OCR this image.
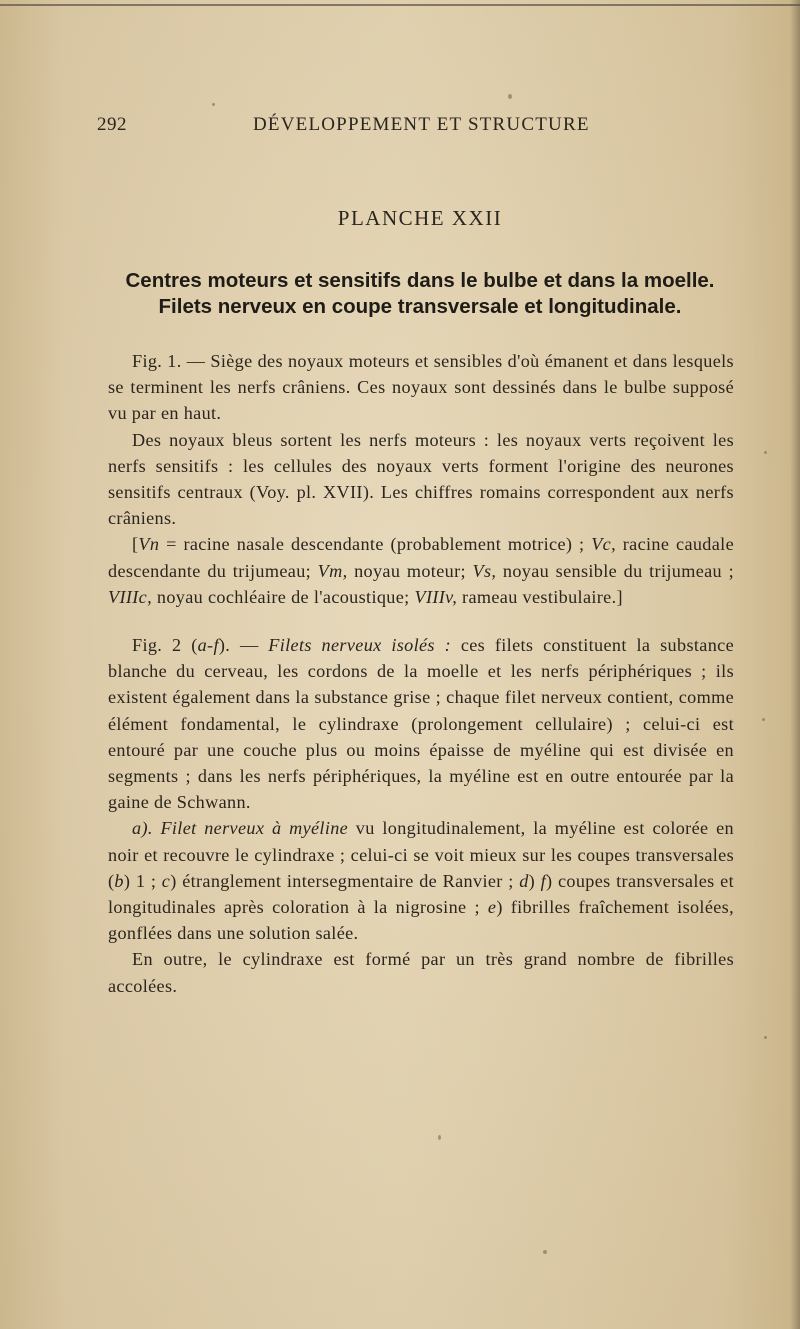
292	DÉVELOPPEMENT ET STRUCTURE
PLANCHE XXII
Centres moteurs et sensitifs dans le bulbe et dans la moelle.
Filets nerveux en coupe transversale et longitudinale.

Fig. 1. — Siège des noyaux moteurs et sensibles d'où émanent et dans lesquels se terminent les nerfs crâniens. Ces noyaux sont dessinés dans le bulbe supposé vu par en haut.

Des noyaux bleus sortent les nerfs moteurs : les noyaux verts reçoivent les nerfs sensitifs : les cellules des noyaux verts forment l'origine des neurones sensitifs centraux (Voy. pl. XVII). Les chiffres romains correspondent aux nerfs crâniens.

[Vn = racine nasale descendante (probablement motrice) ; Vc, racine caudale descendante du trijumeau; Vm, noyau moteur; Vs, noyau sensible du trijumeau ; VIIIc, noyau cochléaire de l'acoustique; VIIIv, rameau vestibulaire.]

Fig. 2 (a-f). — Filets nerveux isolés : ces filets constituent la substance blanche du cerveau, les cordons de la moelle et les nerfs périphériques ; ils existent également dans la substance grise ; chaque filet nerveux contient, comme élément fondamental, le cylindraxe (prolongement cellulaire) ; celui-ci est entouré par une couche plus ou moins épaisse de myéline qui est divisée en segments ; dans les nerfs périphériques, la myéline est en outre entourée par la gaine de Schwann.

a). Filet nerveux à myéline vu longitudinalement, la myéline est colorée en noir et recouvre le cylindraxe ; celui-ci se voit mieux sur les coupes transversales (b) 1 ; c) étranglement intersegmentaire de Ranvier ; d) f) coupes transversales et longitudinales après coloration à la nigrosine ; e) fibrilles fraîchement isolées, gonflées dans une solution salée.

En outre, le cylindraxe est formé par un très grand nombre de fibrilles accolées.
